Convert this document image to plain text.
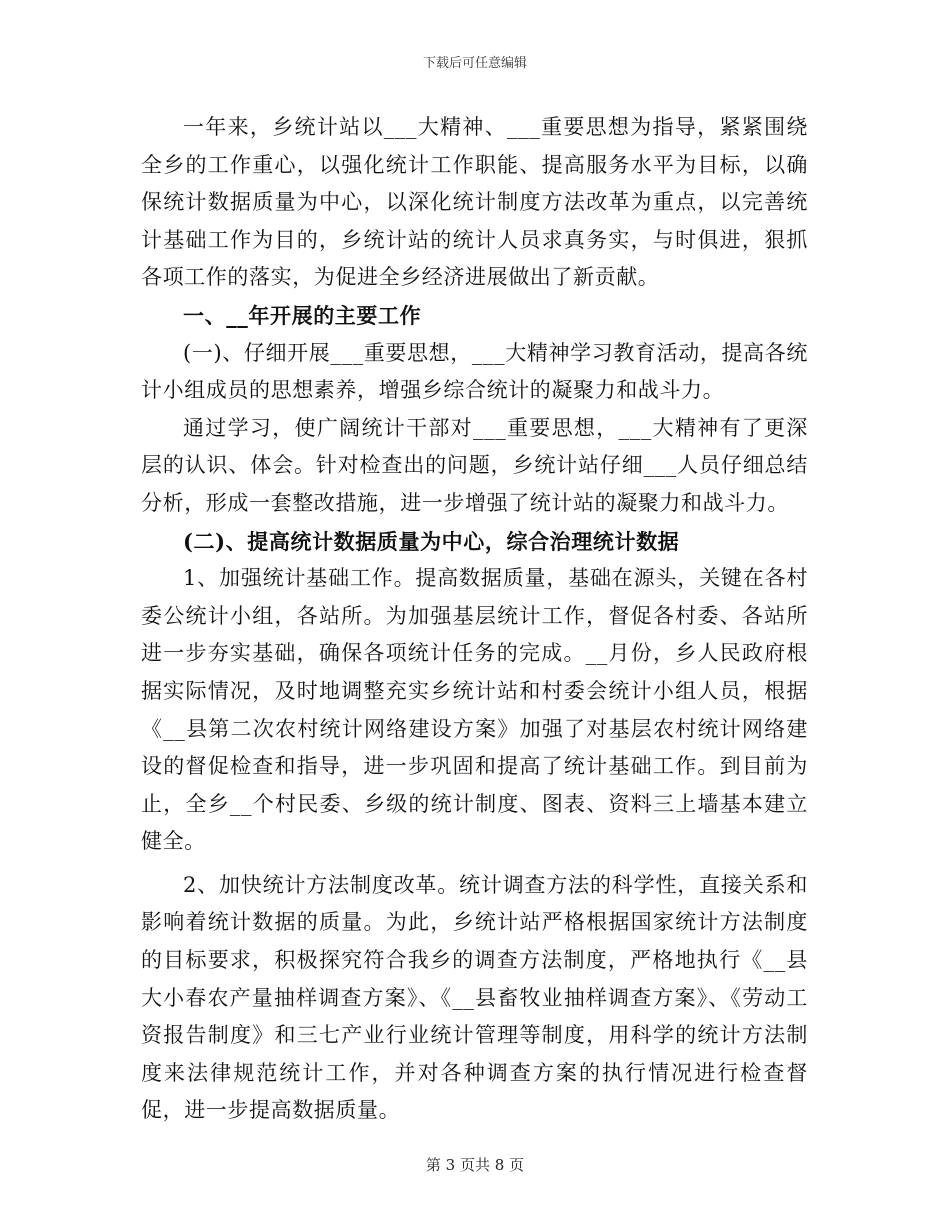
下载后可任意编辑

一年来，乡统计站以___大精神、___重要思想为指导，紧紧围绕全乡的工作重心，以强化统计工作职能、提高服务水平为目标，以确保统计数据质量为中心，以深化统计制度方法改革为重点，以完善统计基础工作为目的，乡统计站的统计人员求真务实，与时俱进，狠抓各项工作的落实，为促进全乡经济进展做出了新贡献。

一、__年开展的主要工作

(一)、仔细开展___重要思想，___大精神学习教育活动，提高各统计小组成员的思想素养，增强乡综合统计的凝聚力和战斗力。

通过学习，使广阔统计干部对___重要思想，___大精神有了更深层的认识、体会。针对检查出的问题，乡统计站仔细___人员仔细总结分析，形成一套整改措施，进一步增强了统计站的凝聚力和战斗力。

(二)、提高统计数据质量为中心，综合治理统计数据

1、加强统计基础工作。提高数据质量，基础在源头，关键在各村委公统计小组，各站所。为加强基层统计工作，督促各村委、各站所进一步夯实基础，确保各项统计任务的完成。__月份，乡人民政府根据实际情况，及时地调整充实乡统计站和村委会统计小组人员，根据《__县第二次农村统计网络建设方案》加强了对基层农村统计网络建设的督促检查和指导，进一步巩固和提高了统计基础工作。到目前为止，全乡__个村民委、乡级的统计制度、图表、资料三上墙基本建立健全。

2、加快统计方法制度改革。统计调查方法的科学性，直接关系和影响着统计数据的质量。为此，乡统计站严格根据国家统计方法制度的目标要求，积极探究符合我乡的调查方法制度，严格地执行《__县大小春农产量抽样调查方案》、《__县畜牧业抽样调查方案》、《劳动工资报告制度》和三七产业行业统计管理等制度，用科学的统计方法制度来法律规范统计工作，并对各种调查方案的执行情况进行检查督促，进一步提高数据质量。

第 3 页共 8 页
